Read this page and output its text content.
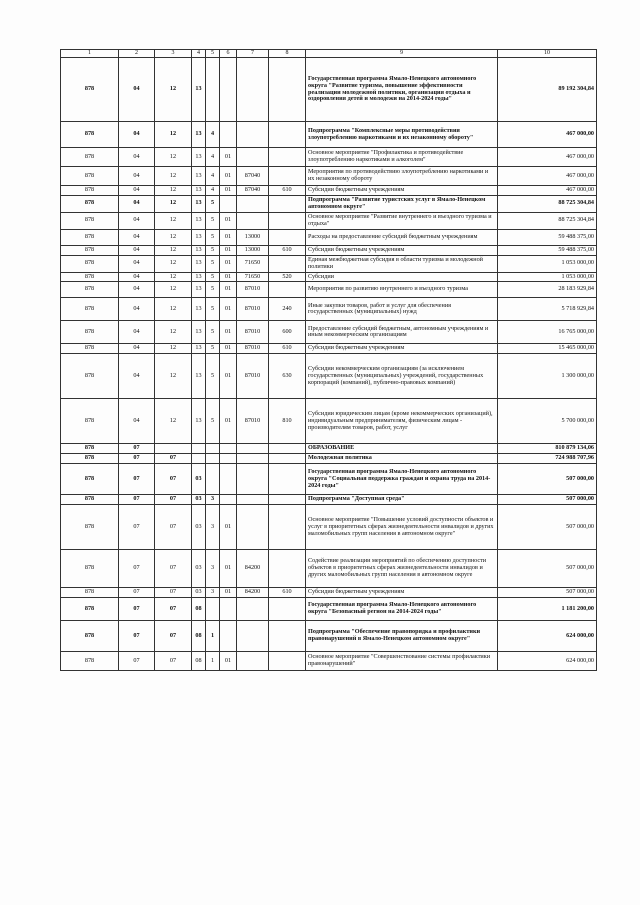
1	2	3	4	5	6	7	8	9	10
878	04	12	13					Государственная программа Ямало-Ненецкого автономного округа "Развитие туризма, повышение эффективности реализации молодежной политики, организация отдыха и оздоровления детей и молодежи на 2014-2024 годы"	89 192 304,84
878	04	12	13	4				Подпрограмма "Комплексные меры противодействия злоупотреблению наркотиками и их незаконному обороту"	467 000,00
878	04	12	13	4	01			Основное мероприятие "Профилактика и противодействие злоупотреблению наркотиками и алкоголем"	467 000,00
878	04	12	13	4	01	87040		Мероприятия по противодействию злоупотреблению наркотиками и их незаконному обороту	467 000,00
878	04	12	13	4	01	87040	610	Субсидии бюджетным учреждениям	467 000,00
878	04	12	13	5				Подпрограмма "Развитие туристских услуг в Ямало-Ненецком автономном округе"	88 725 304,84
878	04	12	13	5	01			Основное мероприятие "Развитие внутреннего и въездного туризма и отдыха"	88 725 304,84
878	04	12	13	5	01	13000		Расходы на предоставление субсидий бюджетным учреждениям	59 488 375,00
878	04	12	13	5	01	13000	610	Субсидии бюджетным учреждениям	59 488 375,00
878	04	12	13	5	01	71650		Единая межбюджетная субсидия в области туризма и молодежной политики	1 053 000,00
878	04	12	13	5	01	71650	520	Субсидии	1 053 000,00
878	04	12	13	5	01	87010		Мероприятия по развитию внутреннего и въездного туризма	28 183 929,84
878	04	12	13	5	01	87010	240	Иные закупки товаров, работ и услуг для обеспечения государственных (муниципальных) нужд	5 718 929,84
878	04	12	13	5	01	87010	600	Предоставление субсидий бюджетным, автономным учреждениям и иным некоммерческим организациям	16 765 000,00
878	04	12	13	5	01	87010	610	Субсидии бюджетным учреждениям	15 465 000,00
878	04	12	13	5	01	87010	630	Субсидии некоммерческим организациям (за исключением государственных (муниципальных) учреждений, государственных корпораций (компаний), публично-правовых компаний)	1 300 000,00
878	04	12	13	5	01	87010	810	Субсидии юридическим лицам (кроме некоммерческих организаций), индивидуальным предпринимателям, физическим лицам - производителям товаров, работ, услуг	5 700 000,00
878	07							ОБРАЗОВАНИЕ	810 879 134,06
878	07	07						Молодежная политика	724 988 707,96
878	07	07	03					Государственная программа Ямало-Ненецкого автономного округа "Социальная поддержка граждан и охрана труда на 2014-2024 годы"	507 000,00
878	07	07	03	3				Подпрограмма "Доступная среда"	507 000,00
878	07	07	03	3	01			Основное мероприятие "Повышение условий доступности объектов и услуг в приоритетных сферах жизнедеятельности инвалидов и других маломобильных групп населения в автономном округе"	507 000,00
878	07	07	03	3	01	84200		Содействие реализации мероприятий по обеспечению доступности объектов в приоритетных сферах жизнедеятельности инвалидов и других маломобильных групп населения в автономном округе	507 000,00
878	07	07	03	3	01	84200	610	Субсидии бюджетным учреждениям	507 000,00
878	07	07	08					Государственная программа Ямало-Ненецкого автономного округа "Безопасный регион на 2014-2024 годы"	1 181 200,00
878	07	07	08	1				Подпрограмма "Обеспечение правопорядка и профилактики правонарушений в Ямало-Ненецком автономном округе"	624 000,00
878	07	07	08	1	01			Основное мероприятие "Совершенствование системы профилактики правонарушений"	624 000,00
